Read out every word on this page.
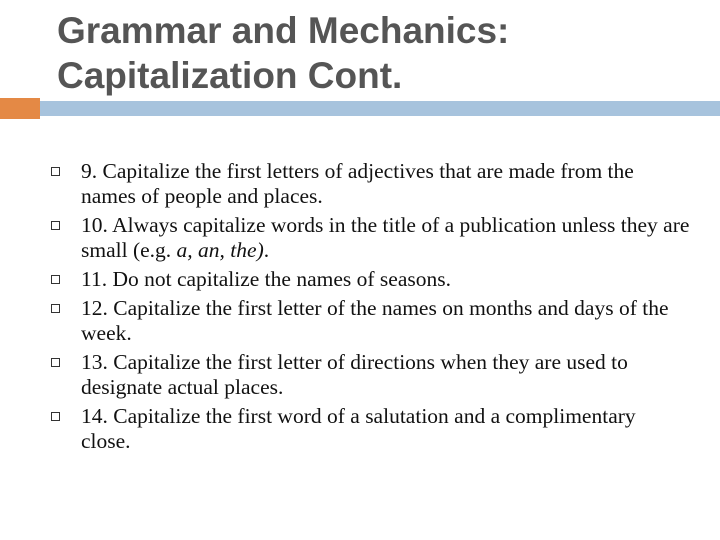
Grammar and Mechanics:
Capitalization Cont.
9. Capitalize the first letters of adjectives that are made from the names of people and places.
10. Always capitalize words in the title of a publication unless they are small (e.g. a, an, the).
11. Do not capitalize the names of seasons.
12. Capitalize the first letter of the names on months and days of the week.
13. Capitalize the first letter of directions when they are used to designate actual places.
14. Capitalize the first word of a salutation and a complimentary close.
